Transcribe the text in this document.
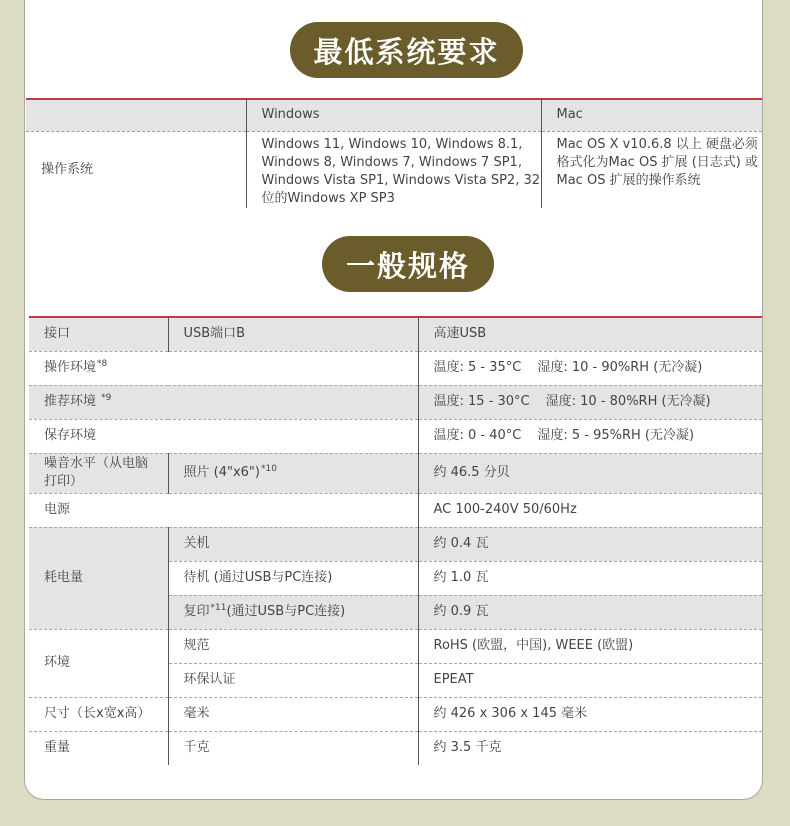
最低系统要求
	Windows	Mac
操作系统	Windows 11, Windows 10, Windows 8.1, Windows 8, Windows 7, Windows 7 SP1, Windows Vista SP1, Windows Vista SP2, 32 位的Windows XP SP3	Mac OS X v10.6.8 以上 硬盘必须格式化为Mac OS 扩展 (日志式) 或Mac OS 扩展的操作系统
一般规格
接口	USB端口B	高速USB
操作环境$^{*8}$		温度: 5 - 35°C 湿度: 10 - 90%RH (无冷凝)
推荐环境 $^{*9}$		温度: 15 - 30°C 湿度: 10 - 80%RH (无冷凝)
保存环境		温度: 0 - 40°C 湿度: 5 - 95%RH (无冷凝)
噪音水平（从电脑打印）	照片 (4"x6")$^{*10}$	约 46.5 分贝
电源		AC 100-240V 50/60Hz
耗电量	关机	约 0.4 瓦
	待机 (通过USB与PC连接)	约 1.0 瓦
	复印$^{*11}$(通过USB与PC连接)	约 0.9 瓦
环境	规范	RoHS (欧盟，中国), WEEE (欧盟)
	环保认证	EPEAT
尺寸（长x宽x高）	毫米	约 426 x 306 x 145 毫米
重量	千克	约 3.5 千克
